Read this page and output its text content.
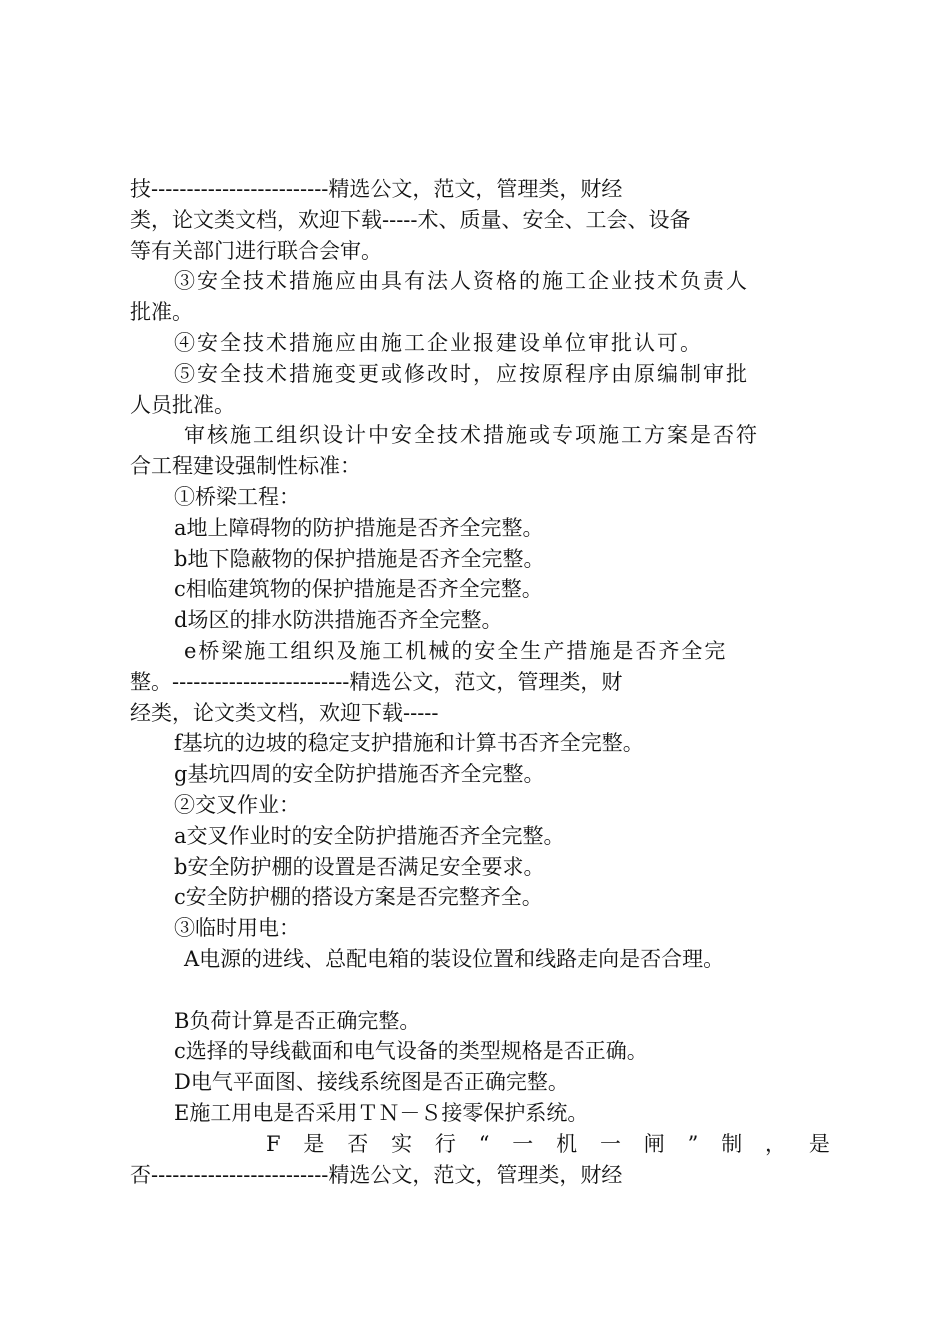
技-------------------------精选公文，范文，管理类，财经
类，论文类文档，欢迎下载-----术、质量、安全、工会、设备
等有关部门进行联合会审。
③安全技术措施应由具有法人资格的施工企业技术负责人
批准。
④安全技术措施应由施工企业报建设单位审批认可。
⑤安全技术措施变更或修改时，应按原程序由原编制审批
人员批准。
审核施工组织设计中安全技术措施或专项施工方案是否符
合工程建设强制性标准：
①桥梁工程：
a地上障碍物的防护措施是否齐全完整。
b地下隐蔽物的保护措施是否齐全完整。
c相临建筑物的保护措施是否齐全完整。
d场区的排水防洪措施否齐全完整。
e桥梁施工组织及施工机械的安全生产措施是否齐全完
整。-------------------------精选公文，范文，管理类，财
经类，论文类文档，欢迎下载-----
f基坑的边坡的稳定支护措施和计算书否齐全完整。
g基坑四周的安全防护措施否齐全完整。
②交叉作业：
a交叉作业时的安全防护措施否齐全完整。
b安全防护棚的设置是否满足安全要求。
c安全防护棚的搭设方案是否完整齐全。
③临时用电：
A电源的进线、总配电箱的装设位置和线路走向是否合理。
B负荷计算是否正确完整。
c选择的导线截面和电气设备的类型规格是否正确。
D电气平面图、接线系统图是否正确完整。
E施工用电是否采用ＴＮ－Ｓ接零保护系统。
F 是 否 实 行 “ 一 机 一 闸 ” 制 ， 是
否-------------------------精选公文，范文，管理类，财经
